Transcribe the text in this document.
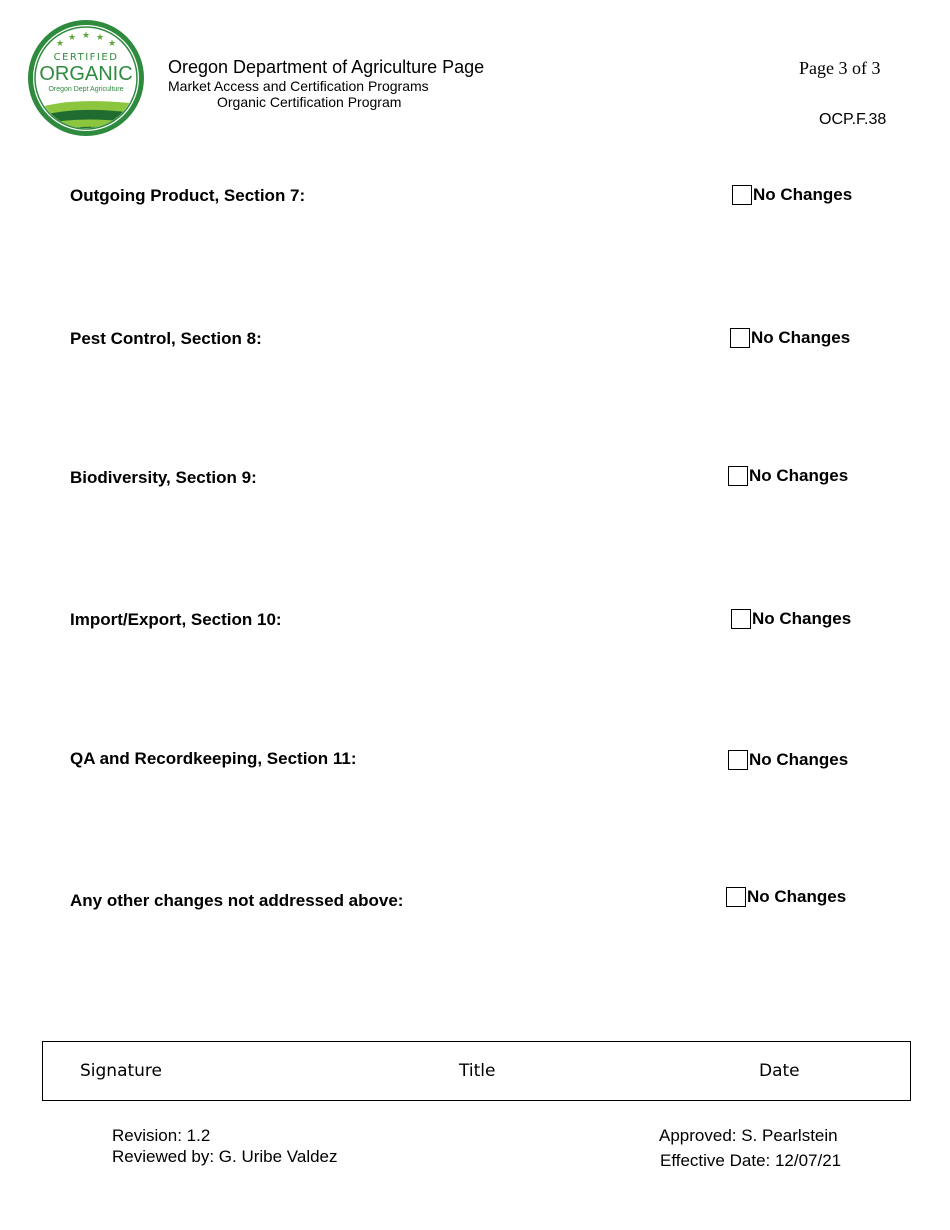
★
★ ★ ★
★
CERTIFIED
ORGANIC
Oregon Dept Agriculture
Oregon Department of Agriculture Page
Market Access and Certification Programs
Organic Certification Program
Page 3 of 3
OCP.F.38
Outgoing Product, Section 7:	No Changes
Pest Control, Section 8:	No Changes
Biodiversity, Section 9:	No Changes
Import/Export, Section 10:	No Changes
QA and Recordkeeping, Section 11:	No Changes
Any other changes not addressed above:	No Changes
Signature	Title	Date
Revision: 1.2
Reviewed by: G. Uribe Valdez
Approved: S. Pearlstein
Effective Date: 12/07/21
